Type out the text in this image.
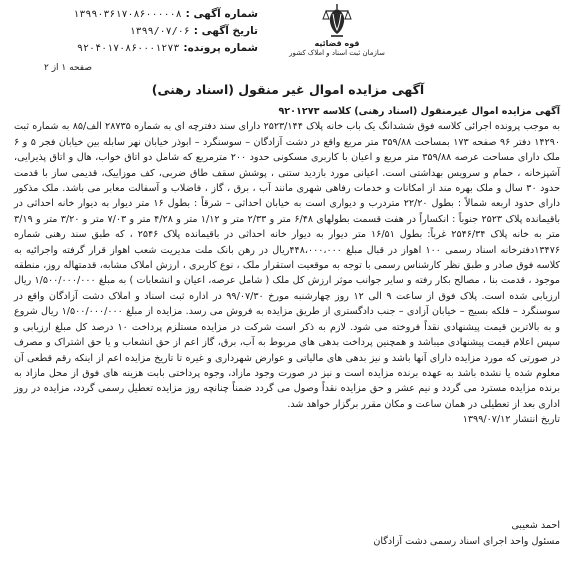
شماره آگهی :
۱۳۹۹۰۳۶۱۷۰۸۶۰۰۰۰۰۸
تاریخ آگهی :
۱۳۹۹/۰۷/۰۶
شماره پرونده:
۹۲۰۴۰۱۷۰۸۶۰۰۰۱۲۷۳
صفحه ۱ از ۲
قوه قضائیه
سازمان ثبت اسناد و املاک کشور
آگهی مزایده اموال غیر منقول (اسناد رهنی)

آگهی مزایده اموال غیرمنقول (اسناد رهنی) کلاسه ۹۲۰۱۲۷۳

به موجب پرونده اجرائی کلاسه فوق ششدانگ یک باب خانه پلاک ۲۵۲۳/۱۴۴ دارای سند دفترچه ای به شماره ۲۸۷۳۵ الف/۸۵ به شماره ثبت ۱۴۲۹۰ دفتر ۹۶ صفحه ۱۷۳ بمساحت ۳۵۹/۸۸ متر مربع واقع در دشت آزادگان – سوسنگرد – ابوذر خیابان نهر سابله بین خیابان فجر ۵ و ۶ ملک دارای مساحت عرصه ۳۵۹/۸۸ متر مربع و اعیان با کاربری مسکونی حدود ۲۰۰ مترمربع که شامل دو اتاق خواب، هال و اتاق پذیرایی، آشپزخانه ، حمام و سرویس بهداشتی است. اعیانی مورد بازدید ستنی ، پوشش سقف طاق ضربی، کف موزاییک، قدیمی ساز با قدمت حدود ۳۰ سال و ملک بهره مند از امکانات و خدمات رفاهی شهری مانند آب ، برق ، گاز ، فاضلاب و آسفالت معابر می باشد. ملک مذکور دارای حدود اربعه شمالاً : بطول ۲۲/۲۰ متردرب و دیواری است به خیابان احداثی – شرقاً : بطول ۱۶ متر دیوار به دیوار خانه احداثی در باقیمانده پلاک ۲۵۲۳ جنوباً : انکساراً در هفت قسمت بطولهای ۶/۴۸ متر و ۲/۳۳ متر و ۱/۱۲ متر و ۴/۲۸ متر و ۷/۰۳ متر و ۳/۲۰ متر و ۳/۱۹ متر به خانه پلاک ۲۵۴۶/۳۴ غرباً: بطول ۱۶/۵۱ متر دیوار به دیوار خانه احداثی در باقیمانده پلاک ۲۵۴۶ ، که طبق سند رهنی شماره ۱۳۴۷۶دفترخانه اسناد رسمی ۱۰۰ اهواز در قبال مبلغ ۴۴۸،۰۰۰،۰۰۰ریال در رهن بانک ملت مدیریت شعب اهواز قرار گرفته واجرائیه به کلاسه فوق صادر و طبق نظر کارشناس رسمی با توجه به موقعیت استقرار ملک ، نوع کاربری ، ارزش املاک مشابه، قدمتهاله روز، منطقه موجود ، قدمت بنا ، مصالح بکار رفته و سایر جوانب موثر ارزش کل ملک ( شامل عرصه، اعیان و انشعابات ) به مبلغ ۱/۵۰۰/۰۰۰/۰۰۰ ریال ارزیابی شده است. پلاک فوق از ساعت ۹ الی ۱۲ روز چهارشنبه مورخ ۹۹/۰۷/۳۰ در اداره ثبت اسناد و املاک دشت آزادگان واقع در سوسنگرد – فلکه بسیج – خیابان آزادی – جنب دادگستری از طریق مزایده به فروش می رسد. مزایده از مبلغ ۱/۵۰۰/۰۰۰/۰۰۰ ریال شروع و به بالاترین قیمت پیشنهادی نقداً فروخته می شود. لازم به ذکر است شرکت در مزایده مستلزم پرداخت ۱۰ درصد کل مبلغ ارزیابی و سپس اعلام قیمت پیشنهادی میباشد و همچنین پرداخت بدهی های مربوط به آب، برق، گاز اعم از حق انشعاب و یا حق اشتراک و مصرف در صورتی که مورد مزایده دارای آنها باشد و نیز بدهی های مالیاتی و عوارض شهرداری و غیره تا تاریخ مزایده اعم از اینکه رقم قطعی آن معلوم شده یا نشده باشد به عهده برنده مزایده است و نیز در صورت وجود مازاد، وجوه پرداختی بابت هزینه های فوق از محل مازاد به برنده مزایده مسترد می گردد و نیم عشر و حق مزایده نقداً وصول می گردد ضمناً چنانچه روز مزایده تعطیل رسمی گردد، مزایده در روز اداری بعد از تعطیلی در همان ساعت و مکان مقرر برگزار خواهد شد.

تاریخ انتشار ۱۳۹۹/۰۷/۱۲

احمد شعیبی
مسئول واحد اجرای اسناد رسمی دشت آزادگان
